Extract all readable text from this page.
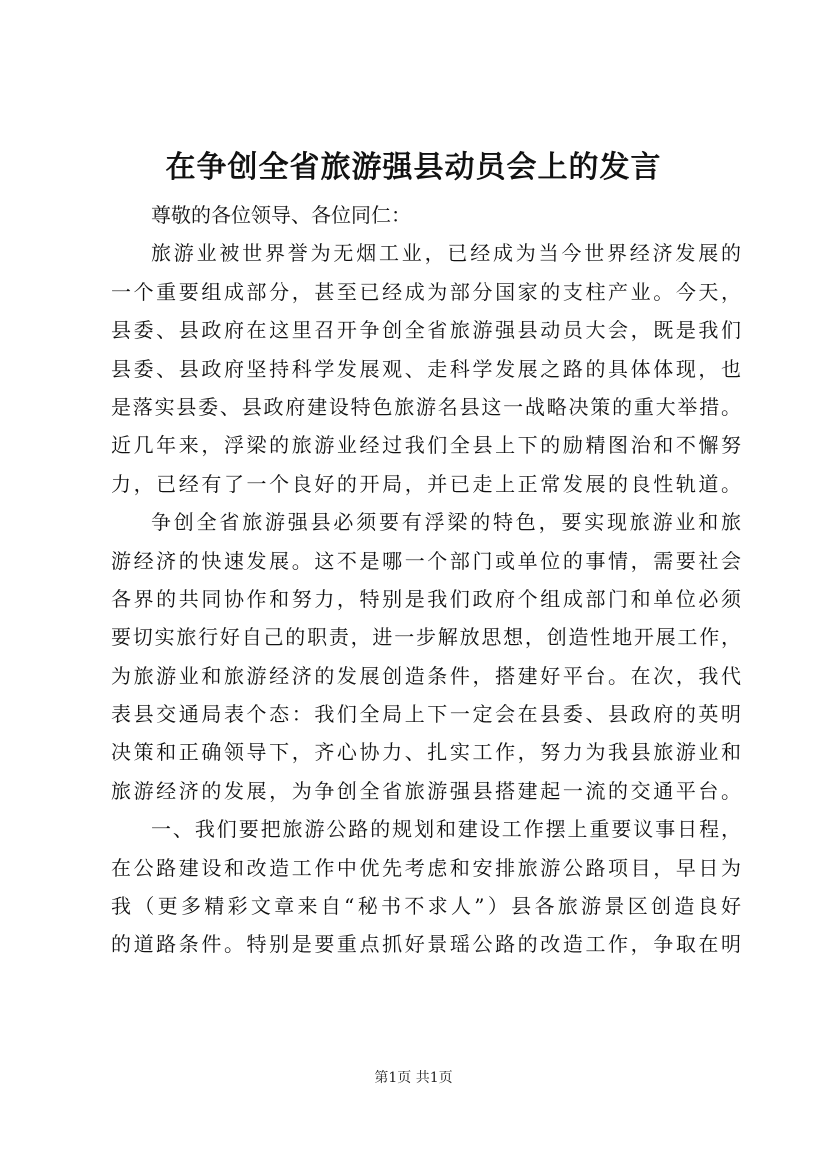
在争创全省旅游强县动员会上的发言
尊敬的各位领导、各位同仁：
旅游业被世界誉为无烟工业，已经成为当今世界经济发展的
一个重要组成部分，甚至已经成为部分国家的支柱产业。今天，
县委、县政府在这里召开争创全省旅游强县动员大会，既是我们
县委、县政府坚持科学发展观、走科学发展之路的具体体现，也
是落实县委、县政府建设特色旅游名县这一战略决策的重大举措。
近几年来，浮梁的旅游业经过我们全县上下的励精图治和不懈努
力，已经有了一个良好的开局，并已走上正常发展的良性轨道。
争创全省旅游强县必须要有浮梁的特色，要实现旅游业和旅
游经济的快速发展。这不是哪一个部门或单位的事情，需要社会
各界的共同协作和努力，特别是我们政府个组成部门和单位必须
要切实旅行好自己的职责，进一步解放思想，创造性地开展工作，
为旅游业和旅游经济的发展创造条件，搭建好平台。在次，我代
表县交通局表个态：我们全局上下一定会在县委、县政府的英明
决策和正确领导下，齐心协力、扎实工作，努力为我县旅游业和
旅游经济的发展，为争创全省旅游强县搭建起一流的交通平台。
一、我们要把旅游公路的规划和建设工作摆上重要议事日程，
在公路建设和改造工作中优先考虑和安排旅游公路项目，早日为
我（更多精彩文章来自“秘书不求人”）县各旅游景区创造良好
的道路条件。特别是要重点抓好景瑶公路的改造工作，争取在明
第1页 共1页
